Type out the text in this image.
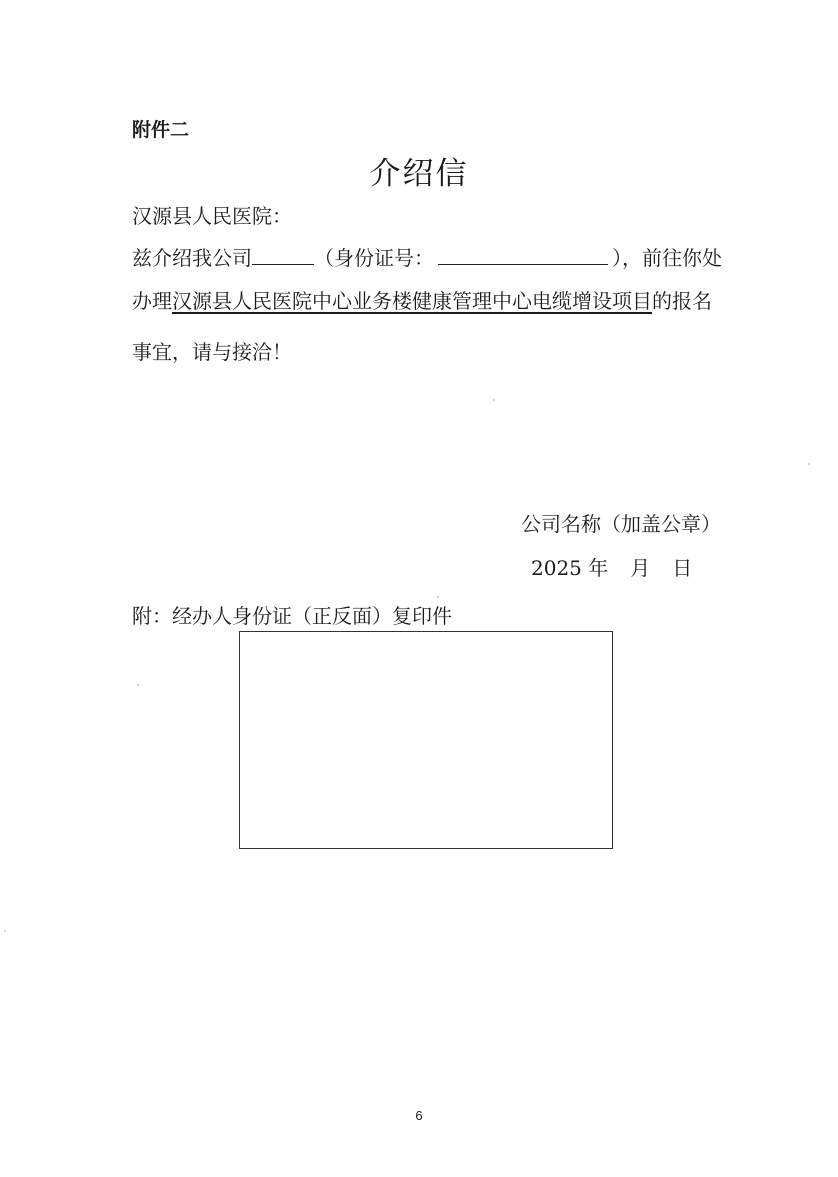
附件二
介绍信
汉源县人民医院：
兹介绍我公司	（身份证号：	），前往你处
办理汉源县人民医院中心业务楼健康管理中心电缆增设项目的报名
事宜，请与接洽！
公司名称（加盖公章）
2025 年 月 日
附：经办人身份证（正反面）复印件
6
